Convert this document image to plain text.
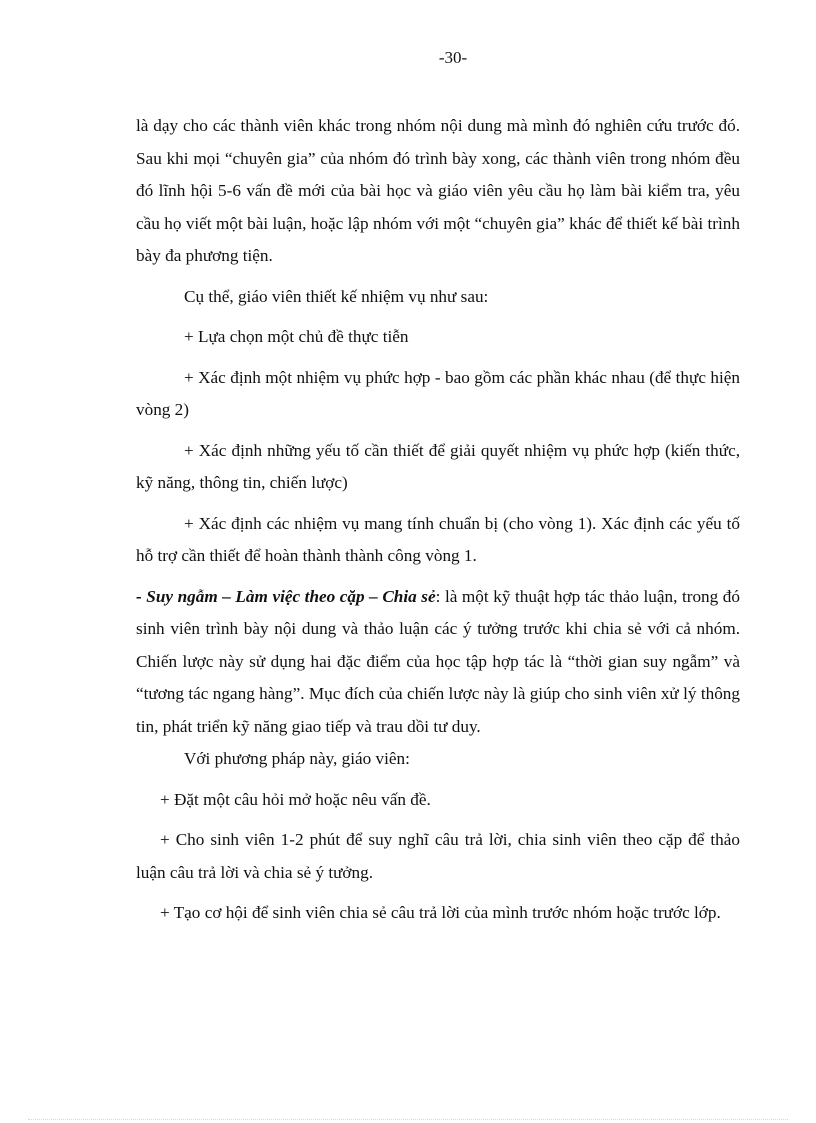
-30-

là dạy cho các thành viên khác trong nhóm nội dung mà mình đó nghiên cứu trước đó. Sau khi mọi “chuyên gia” của nhóm đó trình bày xong, các thành viên trong nhóm đều đó lĩnh hội 5-6 vấn đề mới của bài học và giáo viên yêu cầu họ làm bài kiểm tra, yêu cầu họ viết một bài luận, hoặc lập nhóm với một “chuyên gia” khác để thiết kế bài trình bày đa phương tiện.

Cụ thể, giáo viên thiết kế nhiệm vụ như sau:

+ Lựa chọn một chủ đề thực tiễn

+ Xác định một nhiệm vụ phức hợp - bao gồm các phần khác nhau (để thực hiện vòng 2)

+ Xác định những yếu tố cần thiết để giải quyết nhiệm vụ phức hợp (kiến thức, kỹ năng, thông tin, chiến lược)

+ Xác định các nhiệm vụ mang tính chuẩn bị (cho vòng 1). Xác định các yếu tố hỗ trợ cần thiết để hoàn thành thành công vòng 1.

- Suy ngẫm – Làm việc theo cặp – Chia sẻ: là một kỹ thuật hợp tác thảo luận, trong đó sinh viên trình bày nội dung và thảo luận các ý tưởng trước khi chia sẻ với cả nhóm. Chiến lược này sử dụng hai đặc điểm của học tập hợp tác là “thời gian suy ngẫm” và “tương tác ngang hàng”. Mục đích của chiến lược này là giúp cho sinh viên xử lý thông tin, phát triển kỹ năng giao tiếp và trau dồi tư duy.

Với phương pháp này, giáo viên:

+ Đặt một câu hỏi mở hoặc nêu vấn đề.

+ Cho sinh viên 1-2 phút để suy nghĩ câu trả lời, chia sinh viên theo cặp để thảo luận câu trả lời và chia sẻ ý tưởng.

+ Tạo cơ hội để sinh viên chia sẻ câu trả lời của mình trước nhóm hoặc trước lớp.
